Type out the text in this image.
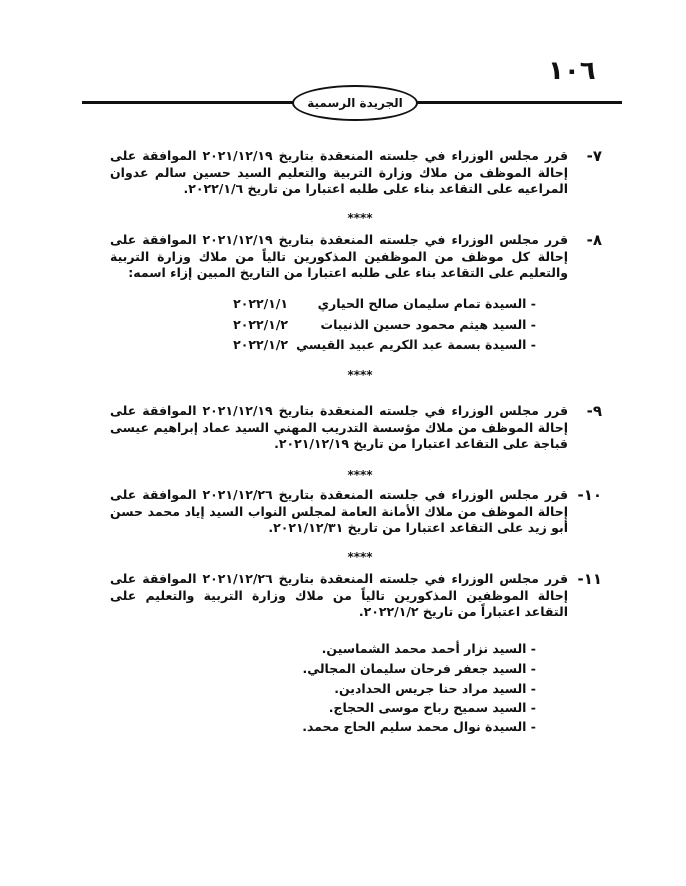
١٠٦
الجريدة الرسمية
٧-
قرر مجلس الوزراء في جلسته المنعقدة بتاريخ ٢٠٢١/١٢/١٩ الموافقة على إحالة الموظف من ملاك وزارة التربية والتعليم السيد حسين سالم عدوان المراعيه على التقاعد بناء على طلبه اعتبارا من تاريخ ٢٠٢٢/١/٦.
****
٨-
قرر مجلس الوزراء في جلسته المنعقدة بتاريخ ٢٠٢١/١٢/١٩ الموافقة على إحالة كل موظف من الموظفين المذكورين تالياً من ملاك وزارة التربية والتعليم على التقاعد بناء على طلبه اعتبارا من التاريخ المبين إزاء اسمه:
- السيدة تمام سليمان صالح الحياري
٢٠٢٢/١/١
- السيد هيثم محمود حسين الذنيبات
٢٠٢٢/١/٢
- السيدة بسمة عبد الكريم عبيد القيسي
٢٠٢٢/١/٢
****
٩-
قرر مجلس الوزراء في جلسته المنعقدة بتاريخ ٢٠٢١/١٢/١٩ الموافقة على إحالة الموظف من ملاك مؤسسة التدريب المهني السيد عماد إبراهيم عيسى قباجة على التقاعد اعتبارا من تاريخ ٢٠٢١/١٢/١٩.
****
١٠-
قرر مجلس الوزراء في جلسته المنعقدة بتاريخ ٢٠٢١/١٢/٢٦ الموافقة على إحالة الموظف من ملاك الأمانة العامة لمجلس النواب السيد إياد محمد حسن أبو زيد على التقاعد اعتبارا من تاريخ ٢٠٢١/١٢/٣١.
****
١١-
قرر مجلس الوزراء في جلسته المنعقدة بتاريخ ٢٠٢١/١٢/٢٦ الموافقة على إحالة الموظفين المذكورين تالياً من ملاك وزارة التربية والتعليم على التقاعد اعتباراً من تاريخ ٢٠٢٢/١/٢.
- السيد نزار أحمد محمد الشماسين.
- السيد جعفر فرحان سليمان المجالي.
- السيد مراد حنا جريس الحدادين.
- السيد سميح رباح موسى الحجاج.
- السيدة نوال محمد سليم الحاج محمد.
